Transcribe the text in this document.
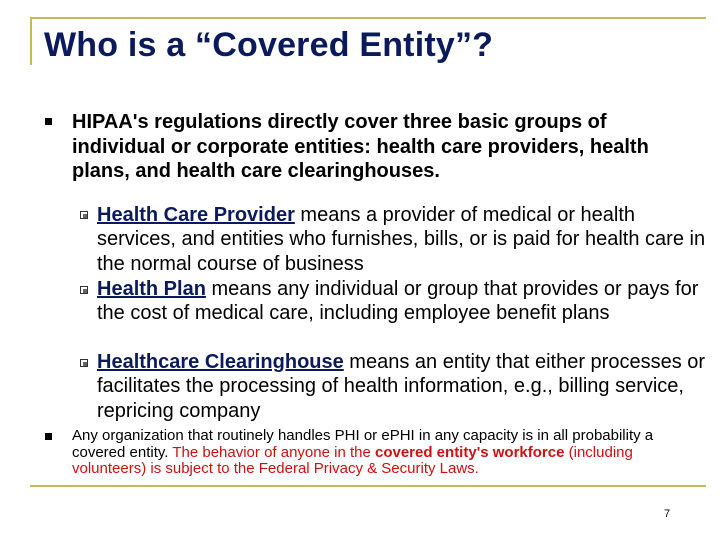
Who is a “Covered Entity”?
HIPAA's regulations directly cover three basic groups of individual or corporate entities: health care providers, health plans, and health care clearinghouses.
Health Care Provider means a provider of medical or health services, and entities who furnishes, bills, or is paid for health care in the normal course of business
Health Plan means any individual or group that provides or pays for the cost of medical care, including employee benefit plans
Healthcare Clearinghouse means an entity that either processes or facilitates the processing of health information, e.g., billing service, repricing company
Any organization that routinely handles PHI or ePHI in any capacity is in all probability a covered entity. The behavior of anyone in the covered entity's workforce (including volunteers) is subject to the Federal Privacy & Security Laws.
7
